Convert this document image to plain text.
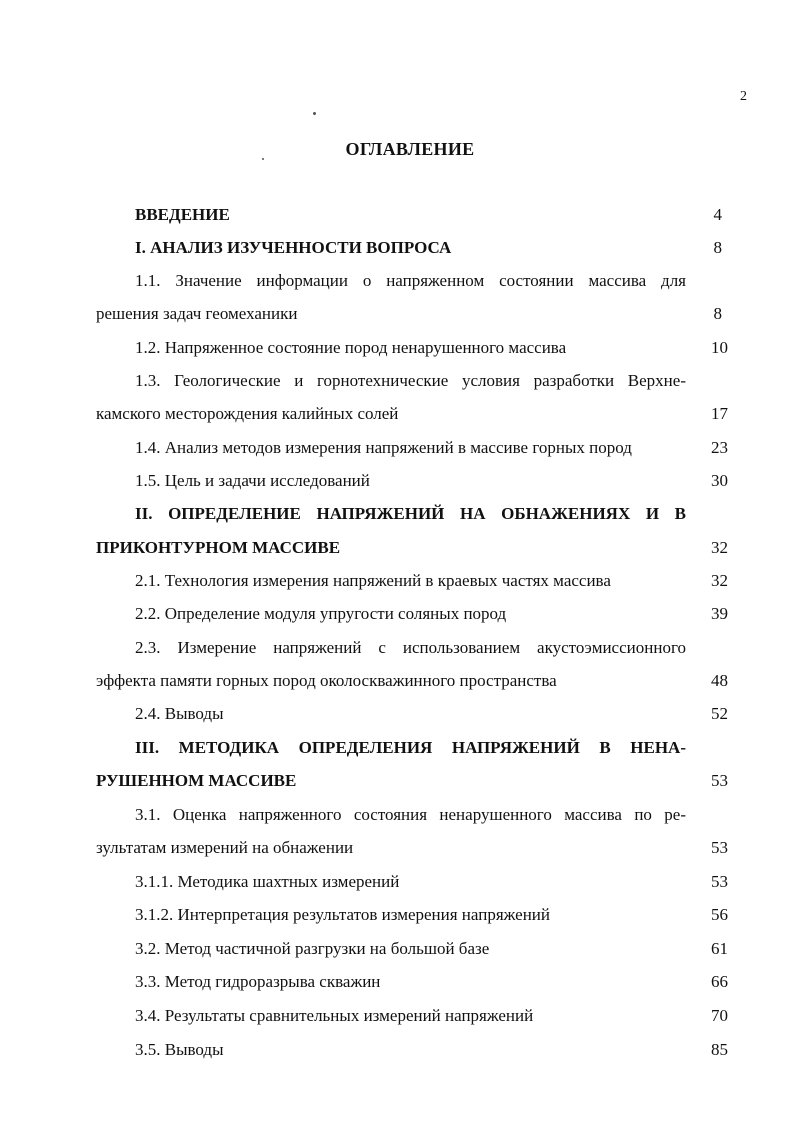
2
ОГЛАВЛЕНИЕ
ВВЕДЕНИЕ	4
I. АНАЛИЗ ИЗУЧЕННОСТИ ВОПРОСА	8
1.1. Значение информации о напряженном состоянии массива для
решения задач геомеханики	8
1.2. Напряженное состояние пород ненарушенного массива	10
1.3. Геологические и горнотехнические условия разработки Верхне-
камского месторождения калийных солей	17
1.4. Анализ методов измерения напряжений в массиве горных пород	23
1.5. Цель и задачи исследований	30
II. ОПРЕДЕЛЕНИЕ НАПРЯЖЕНИЙ НА ОБНАЖЕНИЯХ И В
ПРИКОНТУРНОМ МАССИВЕ	32
2.1. Технология измерения напряжений в краевых частях массива	32
2.2. Определение модуля упругости соляных пород	39
2.3. Измерение напряжений с использованием акустоэмиссионного
эффекта памяти горных пород околоскважинного пространства	48
2.4. Выводы	52
III. МЕТОДИКА ОПРЕДЕЛЕНИЯ НАПРЯЖЕНИЙ В НЕНА-
РУШЕННОМ МАССИВЕ	53
3.1. Оценка напряженного состояния ненарушенного массива по ре-
зультатам измерений на обнажении	53
3.1.1. Методика шахтных измерений	53
3.1.2. Интерпретация результатов измерения напряжений	56
3.2. Метод частичной разгрузки на большой базе	61
3.3. Метод гидроразрыва скважин	66
3.4. Результаты сравнительных измерений напряжений	70
3.5. Выводы	85
